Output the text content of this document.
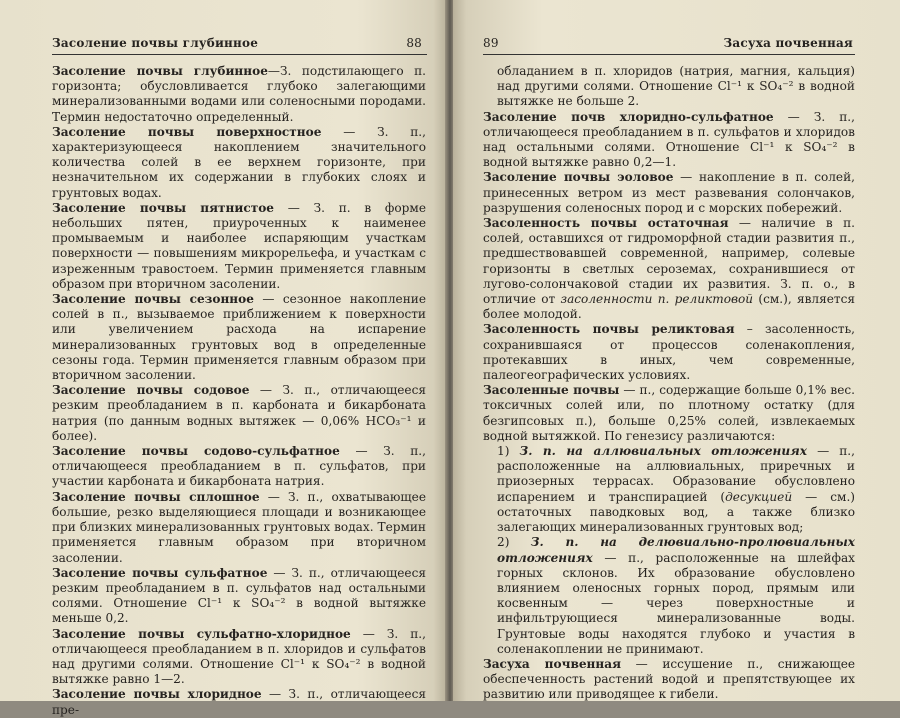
Засоление почвы глубинное	88
Засоление почвы глубинное—З. подстилающего п. горизонта; обусловливается глубоко залегающими минерализованными водами или соленосными породами. Термин недостаточно определенный.
Засоление почвы поверхностное — З. п., характеризующееся накоплением значительного количества солей в ее верхнем горизонте, при незначительном их содержании в глубоких слоях и грунтовых водах.
Засоление почвы пятнистое — З. п. в форме небольших пятен, приуроченных к наименее промываемым и наиболее испаряющим участкам поверхности — повышениям микрорельефа, и участкам с изреженным травостоем. Термин применяется главным образом при вторичном засолении.
Засоление почвы сезонное — сезонное накопление солей в п., вызываемое приближением к поверхности или увеличением расхода на испарение минерализованных грунтовых вод в определенные сезоны года. Термин применяется главным образом при вторичном засолении.
Засоление почвы содовое — З. п., отличающееся резким преобладанием в п. карбоната и бикарбоната натрия (по данным водных вытяжек — 0,06% HCO₃⁻¹ и более).
Засоление почвы содово-сульфатное — З. п., отличающееся преобладанием в п. сульфатов, при участии карбоната и бикарбоната натрия.
Засоление почвы сплошное — З. п., охватывающее большие, резко выделяющиеся площади и возникающее при близких минерализованных грунтовых водах. Термин применяется главным образом при вторичном засолении.
Засоление почвы сульфатное — З. п., отличающееся резким преобладанием в п. сульфатов над остальными солями. Отношение Cl⁻¹ к SO₄⁻² в водной вытяжке меньше 0,2.
Засоление почвы сульфатно-хлоридное — З. п., отличающееся преобладанием в п. хлоридов и сульфатов над другими солями. Отношение Cl⁻¹ к SO₄⁻² в водной вытяжке равно 1—2.
Засоление почвы хлоридное — З. п., отличающееся пре-
89	Засуха почвенная
обладанием в п. хлоридов (натрия, магния, кальция) над другими солями. Отношение Cl⁻¹ к SO₄⁻² в водной вытяжке не больше 2.
Засоление почв хлоридно-сульфатное — З. п., отличающееся преобладанием в п. сульфатов и хлоридов над остальными солями. Отношение Cl⁻¹ к SO₄⁻² в водной вытяжке равно 0,2—1.
Засоление почвы эоловое — накопление в п. солей, принесенных ветром из мест развевания солончаков, разрушения соленосных пород и с морских побережий.
Засоленность почвы остаточная — наличие в п. солей, оставшихся от гидроморфной стадии развития п., предшествовавшей современной, например, солевые горизонты в светлых сероземах, сохранившиеся от лугово-солончаковой стадии их развития. З. п. о., в отличие от засоленности п. реликтовой (см.), является более молодой.
Засоленность почвы реликтовая – засоленность, сохранившаяся от процессов соленакопления, протекавших в иных, чем современные, палеогеографических условиях.
Засоленные почвы — п., содержащие больше 0,1% вес. токсичных солей или, по плотному остатку (для безгипсовых п.), больше 0,25% солей, извлекаемых водной вытяжкой. По генезису различаются:
1) З. п. на аллювиальных отложениях — п., расположенные на аллювиальных, приречных и приозерных террасах. Образование обусловлено испарением и транспирацией (десукцией — см.) остаточных паводковых вод, а также близко залегающих минерализованных грунтовых вод;
2) З. п. на делювиально-пролювиальных отложениях — п., расположенные на шлейфах горных склонов. Их образование обусловлено влиянием оленосных горных пород, прямым или косвенным — через поверхностные и инфильтрующиеся минерализованные воды. Грунтовые воды находятся глубоко и участия в соленакоплении не принимают.
Засуха почвенная — иссушение п., снижающее обеспеченность растений водой и препятствующее их развитию или приводящее к гибели.
